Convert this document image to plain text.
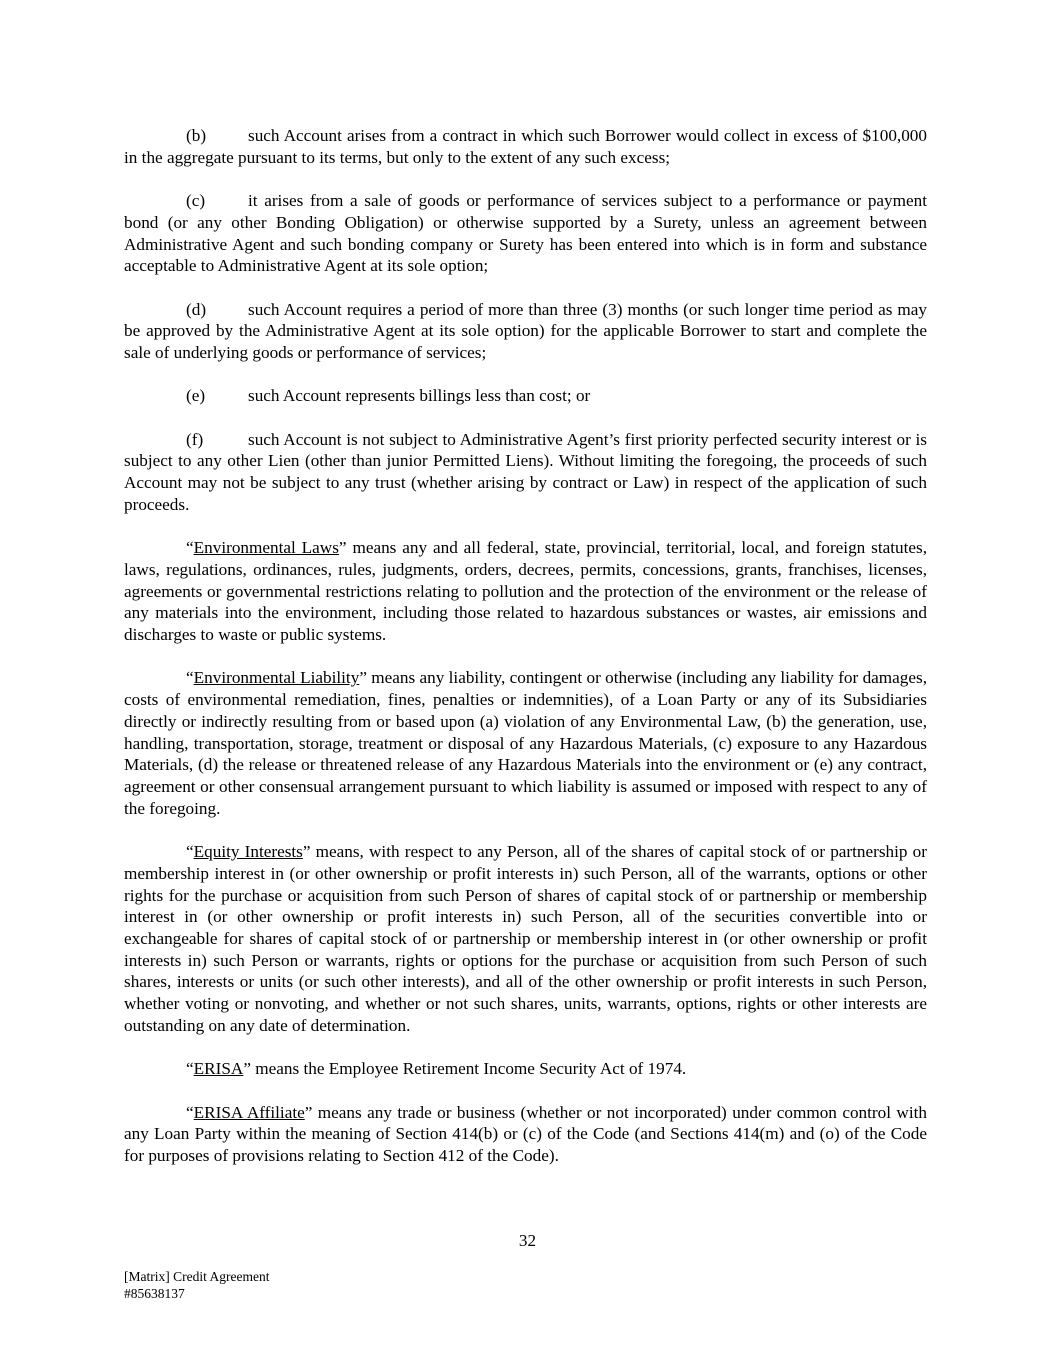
(b) such Account arises from a contract in which such Borrower would collect in excess of $100,000 in the aggregate pursuant to its terms, but only to the extent of any such excess;

(c) it arises from a sale of goods or performance of services subject to a performance or payment bond (or any other Bonding Obligation) or otherwise supported by a Surety, unless an agreement between Administrative Agent and such bonding company or Surety has been entered into which is in form and substance acceptable to Administrative Agent at its sole option;

(d) such Account requires a period of more than three (3) months (or such longer time period as may be approved by the Administrative Agent at its sole option) for the applicable Borrower to start and complete the sale of underlying goods or performance of services;

(e) such Account represents billings less than cost; or

(f)	such Account is not subject to Administrative Agent’s first priority perfected security interest or is subject to any other Lien (other than junior Permitted Liens). Without limiting the foregoing, the proceeds of such Account may not be subject to any trust (whether arising by contract or Law) in respect of the application of such proceeds.

“Environmental Laws” means any and all federal, state, provincial, territorial, local, and foreign statutes, laws, regulations, ordinances, rules, judgments, orders, decrees, permits, concessions, grants, franchises, licenses, agreements or governmental restrictions relating to pollution and the protection of the environment or the release of any materials into the environment, including those related to hazardous substances or wastes, air emissions and discharges to waste or public systems.

“Environmental Liability” means any liability, contingent or otherwise (including any liability for damages, costs of environmental remediation, fines, penalties or indemnities), of a Loan Party or any of its Subsidiaries directly or indirectly resulting from or based upon (a) violation of any Environmental Law, (b) the generation, use, handling, transportation, storage, treatment or disposal of any Hazardous Materials, (c) exposure to any Hazardous Materials, (d) the release or threatened release of any Hazardous Materials into the environment or (e) any contract, agreement or other consensual arrangement pursuant to which liability is assumed or imposed with respect to any of the foregoing.

“Equity Interests” means, with respect to any Person, all of the shares of capital stock of or partnership or membership interest in (or other ownership or profit interests in) such Person, all of the warrants, options or other rights for the purchase or acquisition from such Person of shares of capital stock of or partnership or membership interest in (or other ownership or profit interests in) such Person, all of the securities convertible into or exchangeable for shares of capital stock of or partnership or membership interest in (or other ownership or profit interests in) such Person or warrants, rights or options for the purchase or acquisition from such Person of such shares, interests or units (or such other interests), and all of the other ownership or profit interests in such Person, whether voting or nonvoting, and whether or not such shares, units, warrants, options, rights or other interests are outstanding on any date of determination.

“ERISA” means the Employee Retirement Income Security Act of 1974.

“ERISA Affiliate” means any trade or business (whether or not incorporated) under common control with any Loan Party within the meaning of Section 414(b) or (c) of the Code (and Sections 414(m) and (o) of the Code for purposes of provisions relating to Section 412 of the Code).

32
[Matrix] Credit Agreement
#85638137
